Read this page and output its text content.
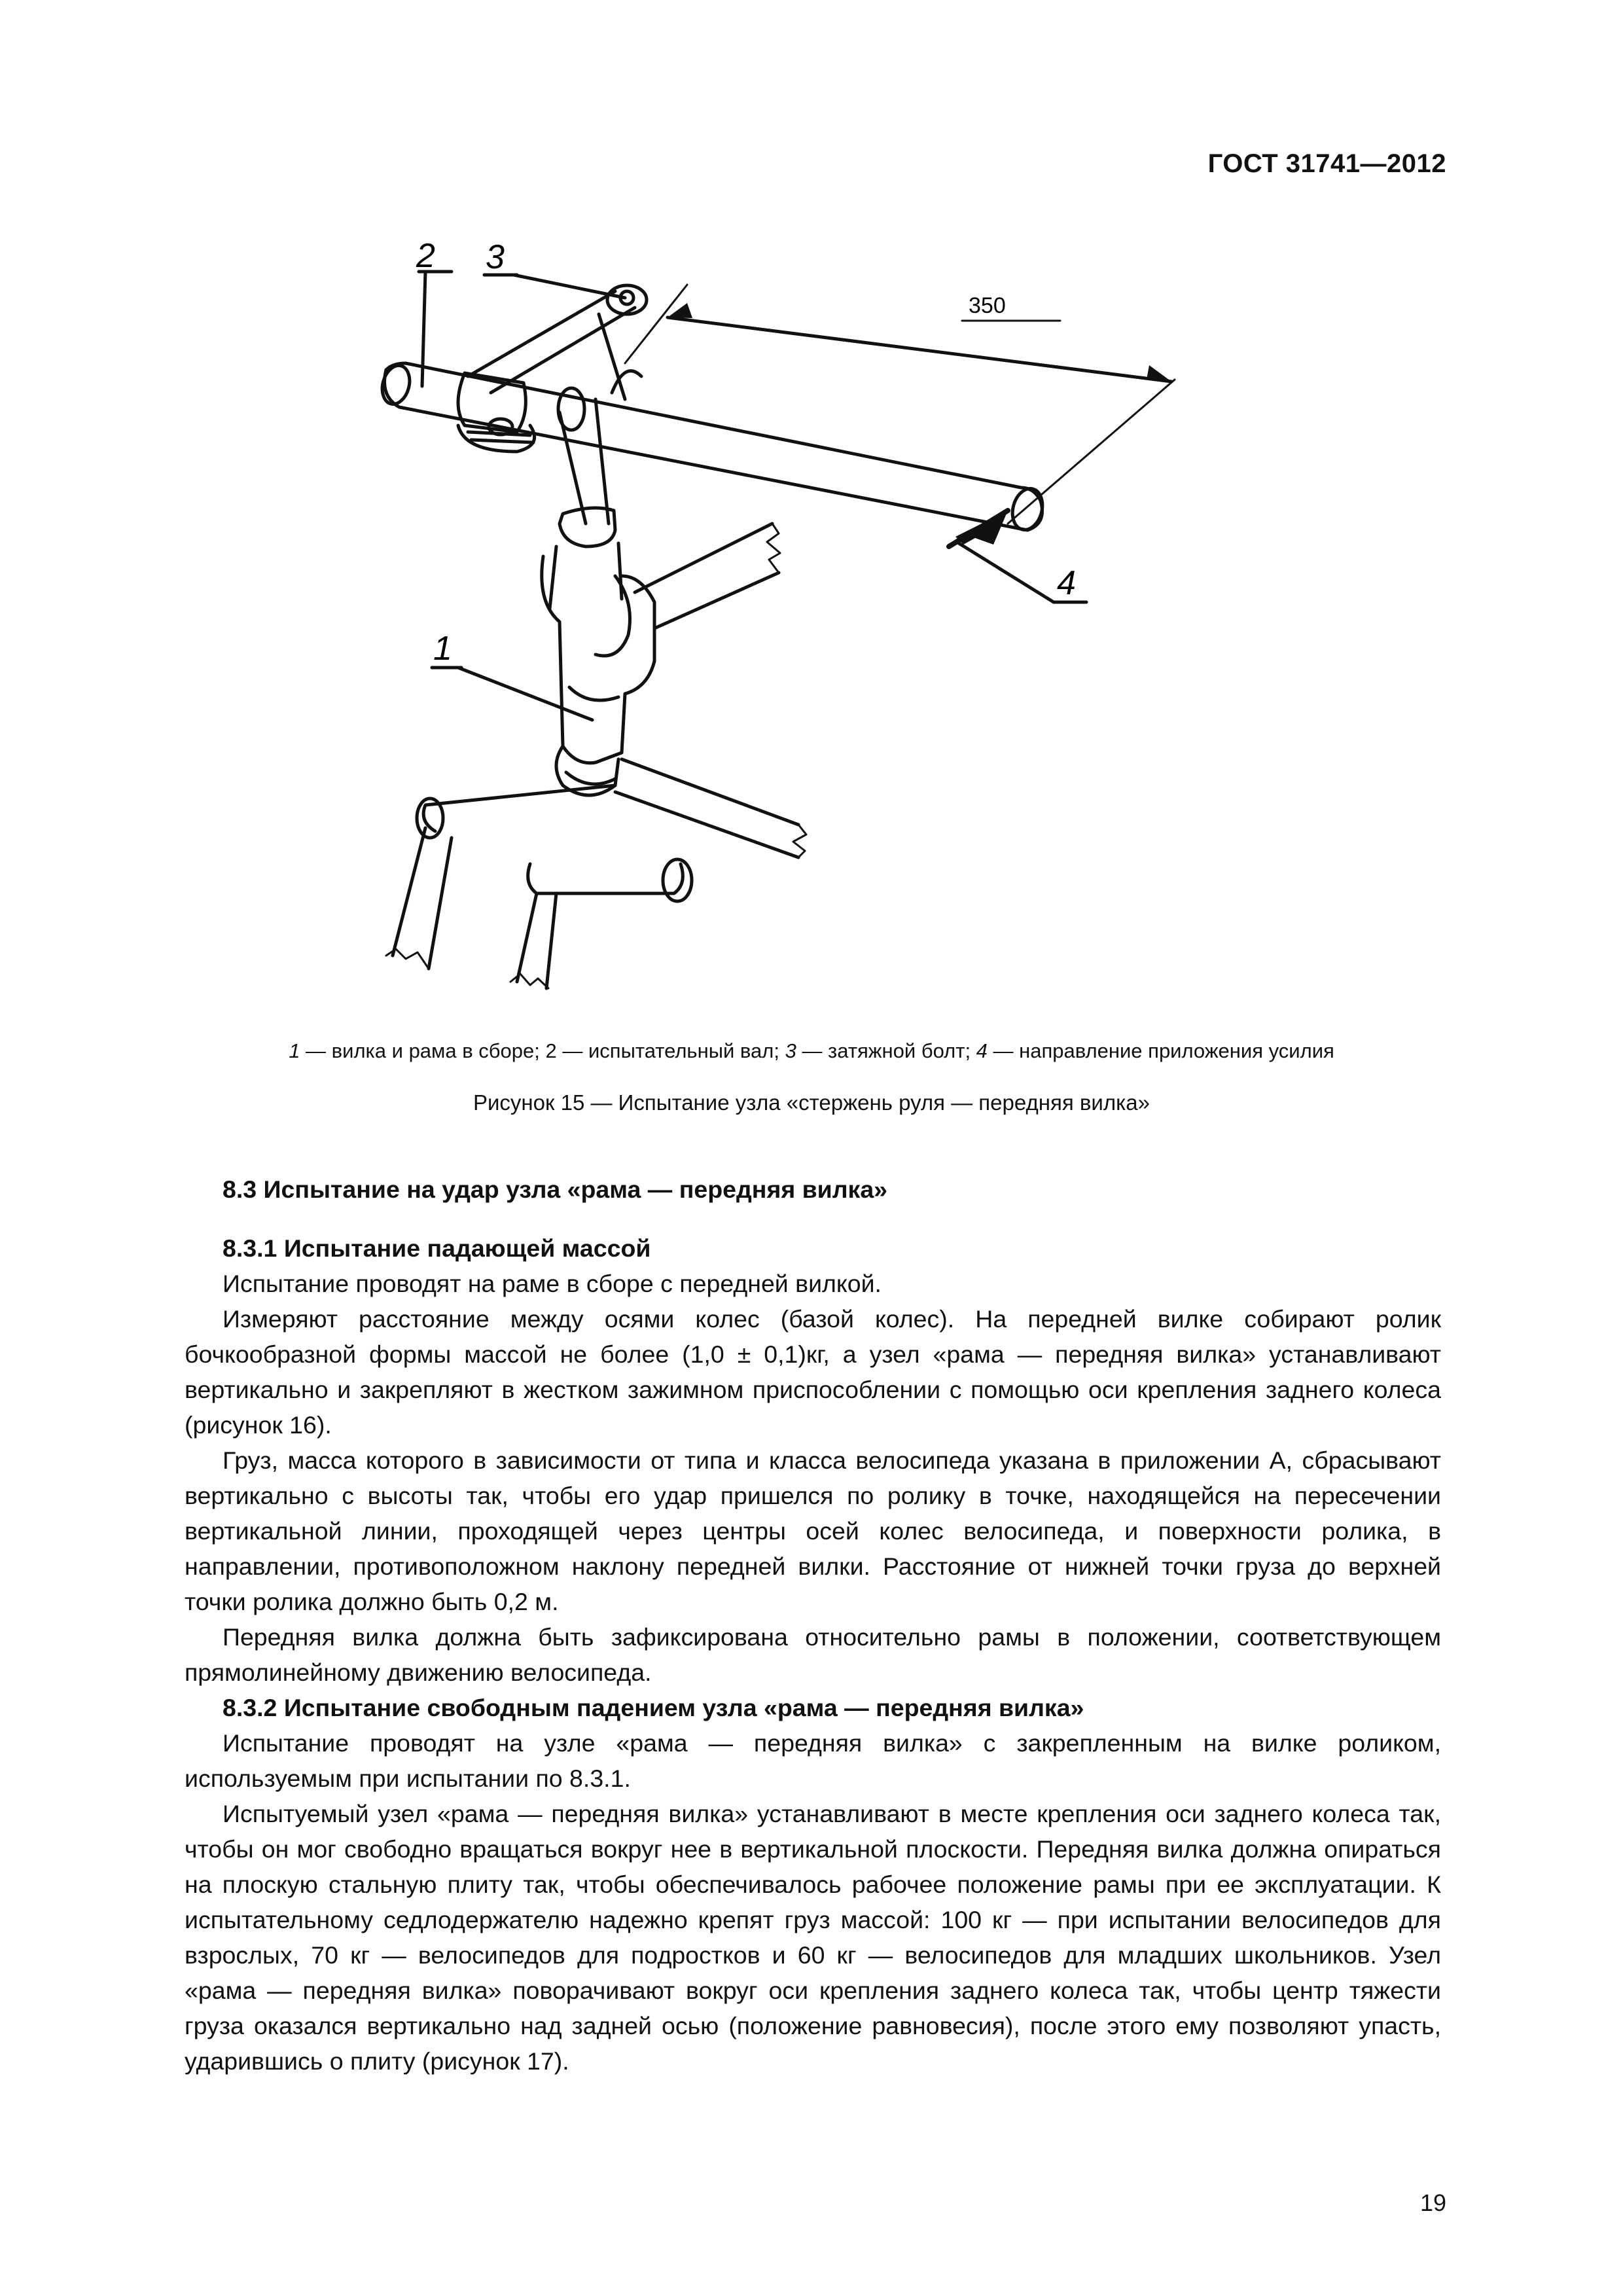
ГОСТ 31741—2012
2 3
350
4
1
1 — вилка и рама в сборе; 2 — испытательный вал; 3 — затяжной болт; 4 — направление приложения усилия
Рисунок 15 — Испытание узла «стержень руля — передняя вилка»

8.3 Испытание на удар узла «рама — передняя вилка»

8.3.1 Испытание падающей массой

Испытание проводят на раме в сборе с передней вилкой.

Измеряют расстояние между осями колес (базой колес). На передней вилке собирают ролик бочкообразной формы массой не более (1,0 ± 0,1)кг, а узел «рама — передняя вилка» устанавливают вертикально и закрепляют в жестком зажимном приспособлении с помощью оси крепления заднего колеса (рисунок 16).

Груз, масса которого в зависимости от типа и класса велосипеда указана в приложении А, сбрасывают вертикально с высоты так, чтобы его удар пришелся по ролику в точке, находящейся на пересечении вертикальной линии, проходящей через центры осей колес велосипеда, и поверхности ролика, в направлении, противоположном наклону передней вилки. Расстояние от нижней точки груза до верхней точки ролика должно быть 0,2 м.

Передняя вилка должна быть зафиксирована относительно рамы в положении, соответствующем прямолинейному движению велосипеда.

8.3.2 Испытание свободным падением узла «рама — передняя вилка»

Испытание проводят на узле «рама — передняя вилка» с закрепленным на вилке роликом, используемым при испытании по 8.3.1.

Испытуемый узел «рама — передняя вилка» устанавливают в месте крепления оси заднего колеса так, чтобы он мог свободно вращаться вокруг нее в вертикальной плоскости. Передняя вилка должна опираться на плоскую стальную плиту так, чтобы обеспечивалось рабочее положение рамы при ее эксплуатации. К испытательному седлодержателю надежно крепят груз массой: 100 кг — при испытании велосипедов для взрослых, 70 кг — велосипедов для подростков и 60 кг — велосипедов для младших школьников. Узел «рама — передняя вилка» поворачивают вокруг оси крепления заднего колеса так, чтобы центр тяжести груза оказался вертикально над задней осью (положение равновесия), после этого ему позволяют упасть, ударившись о плиту (рисунок 17).

19
